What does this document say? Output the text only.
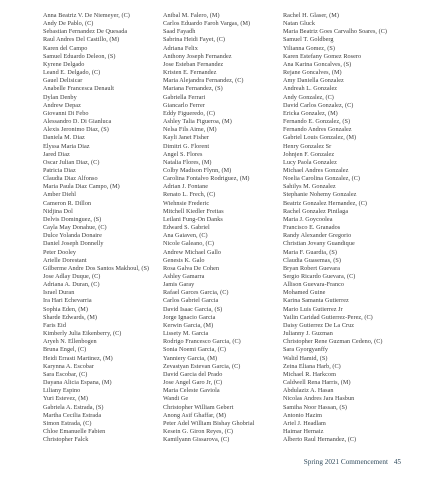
Anna Beatriz V. De Niemeyer, (C)
Andy De Pablo, (C)
Sebastian Fernandez De Quesada
Raul Andres Del Castillo, (M)
Karen del Campo
Samuel Eduardo Deleon, (S)
Kyrene Delgado
Leand E. Delgado, (C)
Gauel Delisicar
Anabelle Francesca Denault
Dylan Denby
Andrew Depaz
Giovanni Di Febo
Alessandro D. Di Gianluca
Alexis Jeronimo Diaz, (S)
Daniela M. Diaz
Elyssa Maria Diaz
Jared Diaz
Oscar Julian Diaz, (C)
Patricia Diaz
Claudia Diaz Alfonso
Maria Paula Diaz Campo, (M)
Amber Diehl
Cameron R. Dillon
Nidjina Dol
Delvis Dominguez, (S)
Cayla May Donahue, (C)
Dulce Yolanda Donaire
Daniel Joseph Donnelly
Peter Dooley
Arielle Dorestant
Gilberme Andre Dos Santos Makhoul, (S)
Jose Adlay Duque, (C)
Adriana A. Duran, (C)
Israel Duran
Ira Hari Echevarria
Sophia Eden, (M)
Sharde Edwards, (M)
Faris Eid
Kimberly Julia Eikenberry, (C)
Aryeh N. Ellenbogen
Bruna Engel, (C)
Heidi Errasti Martinez, (M)
Karynna A. Escobar
Sara Escobar, (C)
Dayana Alicia Espana, (M)
Liliany Espino
Yuri Estevez, (M)
Gabriela A. Estrada, (S)
Martha Cecilia Estrada
Simon Estrada, (C)
Chloe Emanuelle Fabien
Christopher Falck
Anibal M. Falero, (M)
Carlos Eduardo Faroh Vargas, (M)
Saad Fayadh
Sabrina Heidi Fayet, (C)
Adriana Felix
Anthony Joseph Fernandez
Jose Esteban Fernandez
Kristen E. Fernandez
Maria Alejandra Fernandez, (C)
Mariana Fernandez, (S)
Gabriella Ferrari
Giancarlo Ferrer
Eddy Figueredo, (C)
Ashley Talia Figueroa, (M)
Nelsa Fils Aime, (M)
Kayli Janet Fisher
Dimitri G. Florent
Angel S. Flores
Natalia Flores, (M)
Colby Madison Flynn, (M)
Carolina Fontalvo Rodriguez, (M)
Adrian J. Fontane
Renato L. Frech, (C)
Wiehnsie Frederic
Mitchell Kiedler Freitas
Leilani Fung-On Danks
Edward S. Gabriel
Ana Gaiaven, (C)
Nicole Galeano, (C)
Andrew Michael Gallo
Genesis K. Galo
Rosa Galva De Cohen
Ashley Gamarra
Jamis Garay
Rafael Garces Garcia, (C)
Carlos Gabriel Garcia
David Isaac Garcia, (S)
Jorge Ignacio Garcia
Kerwin Garcia, (M)
Lissety M. Garcia
Rodrigo Francesco Garcia, (C)
Sonia Noemi Garcia, (C)
Yanniery Garcia, (M)
Zevastyan Estevan Garcia, (C)
David Garcia del Prado
Jose Angel Garo Jr, (C)
Maria Celeste Gaviola
Wandi Ge
Christopher William Gebert
Anong Asif Ghaffar, (M)
Peter Adel William Bishay Ghobrial
Kesein G. Giron Reyes, (C)
Kamilyann Gissarova, (C)
Rachel H. Glaser, (M)
Natan Gluck
Maria Beatriz Goes Carvalho Soares, (C)
Samuel T. Goldberg
Yilianna Gomez, (S)
Karen Estefany Gomez Rosero
Ana Karina Goncalves, (S)
Rejane Goncalves, (M)
Amy Daniella Gonzalez
Andreah L. Gonzalez
Andy Gonzalez, (C)
David Carlos Gonzalez, (C)
Ericka Gonzalez, (M)
Fernando E. Gonzalez, (S)
Fernando Andres Gonzalez
Gabriel Louis Gonzalez, (M)
Henry Gonzalez Sr
Johnjen F. Gonzalez
Lucy Paola Gonzalez
Michael Andres Gonzalez
Noelia Carolina Gonzalez, (C)
Sahilys M. Gonzalez
Stephanie Nohemy Gonzalez
Beatriz Gonzalez Hernandez, (C)
Rachel Gonzalez Pinilaga
Maria J. Goycoolea
Francisco E. Granados
Randy Alexander Gregorio
Christian Jovany Guandique
Maria F. Guardia, (S)
Claudia Guasemas, (S)
Bryan Robert Guevara
Sergio Ricardo Guevara, (C)
Allison Guevara-Franco
Mohamed Guine
Karina Samanta Gutierrez
Mario Luis Gutierrez Jr
Yailin Caridad Gutierrez-Perez, (C)
Daisy Gutierrez De La Cruz
Julianny J. Guzman
Christopher Rene Guzman Cedeno, (C)
Sara Gyorgyanffy
Walid Hamid, (S)
Zeina Eliana Harb, (C)
Michael R. Harkcom
Caldwell Rena Harris, (M)
Abdulaziz A. Hasan
Nicolas Andres Jara Hasbun
Samiha Noor Hassan, (S)
Antonio Hazim
Ariel J. Headlam
Haimar Hernaiz
Alberto Raul Hernandez, (C)
Spring 2021 Commencement 45
